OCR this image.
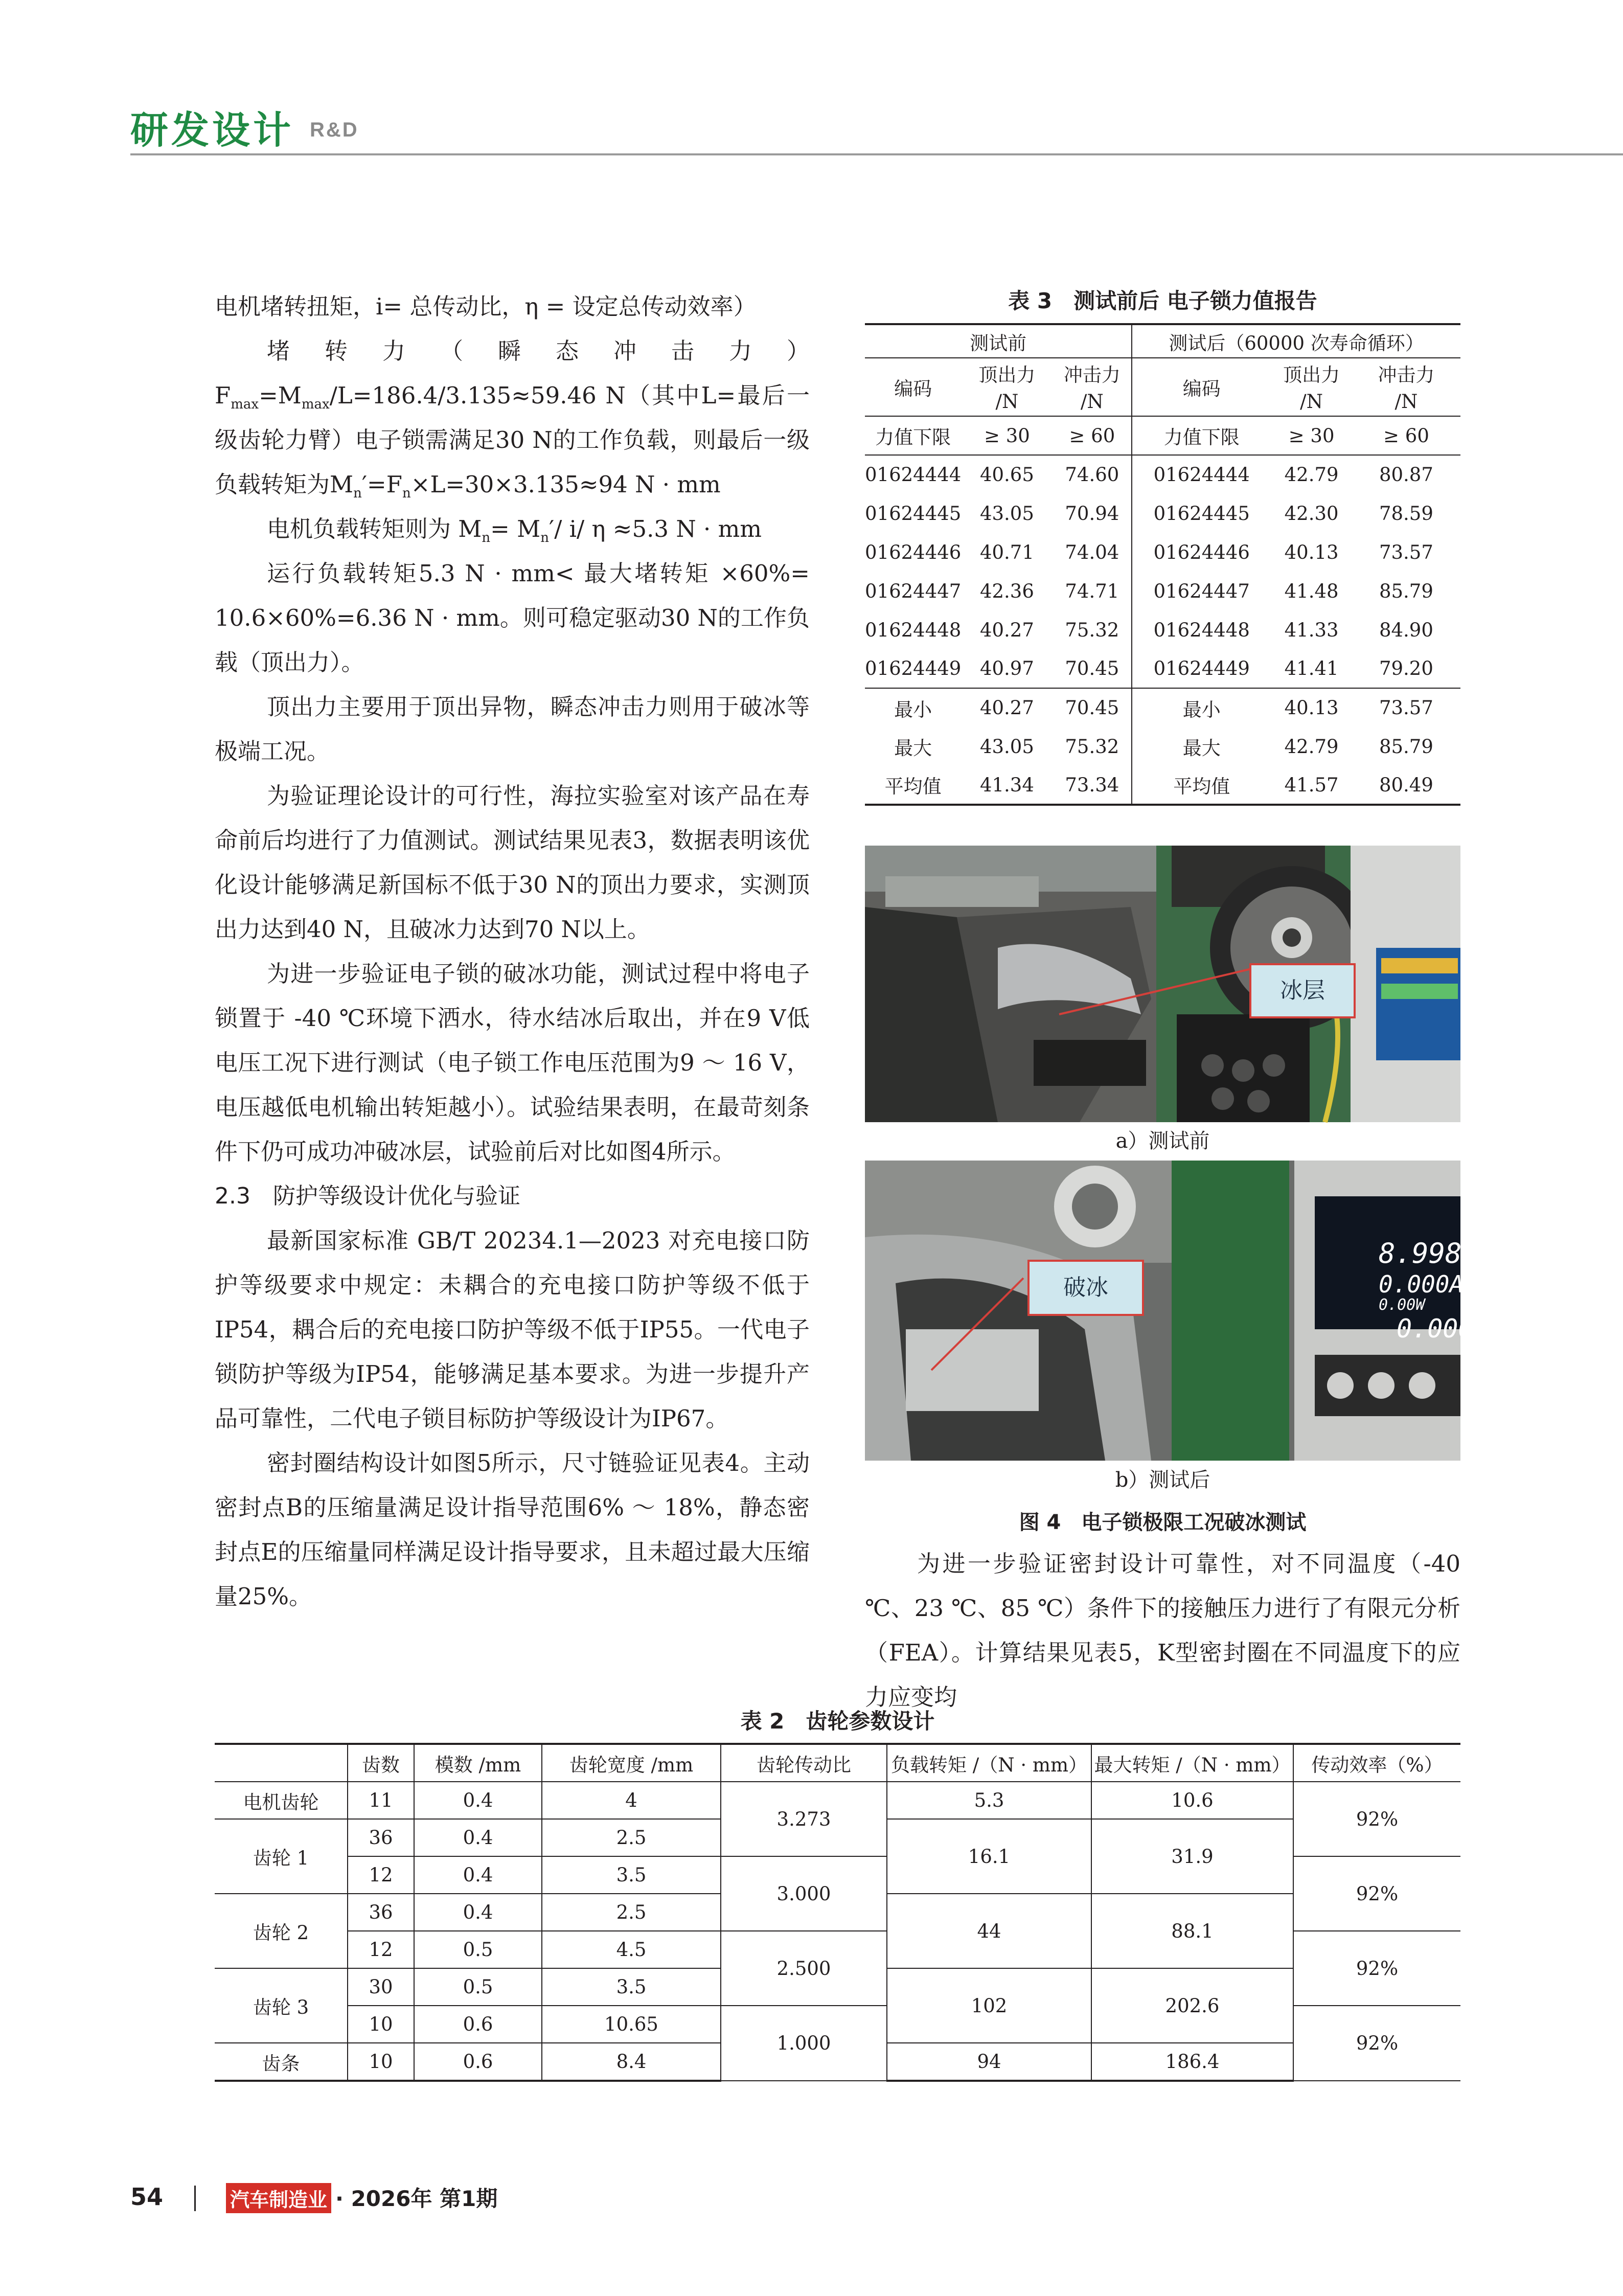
研发设计 R&D

电机堵转扭矩，i= 总传动比，η = 设定总传动效率）

堵转力（瞬态冲击力）$F_{max}=M_{max}/L=186.4/3.135\approx 59.46$ N（其中L=最后一级齿轮力臂）电子锁需满足30 N的工作负载，则最后一级负载转矩为$M_n'=F_n\times L=30\times 3.135\approx 94$ N · mm

电机负载转矩则为 $M_n= M_n'/$ i/ η ≈5.3 N · mm

运行负载转矩5.3 N · mm< 最大堵转矩 ×60%= 10.6×60%=6.36 N · mm。则可稳定驱动30 N的工作负载（顶出力）。

顶出力主要用于顶出异物，瞬态冲击力则用于破冰等极端工况。

为验证理论设计的可行性，海拉实验室对该产品在寿命前后均进行了力值测试。测试结果见表3，数据表明该优化设计能够满足新国标不低于30 N的顶出力要求，实测顶出力达到40 N，且破冰力达到70 N以上。

为进一步验证电子锁的破冰功能，测试过程中将电子锁置于 -40 ℃环境下洒水，待水结冰后取出，并在9 V低电压工况下进行测试（电子锁工作电压范围为9 ～ 16 V，电压越低电机输出转矩越小）。试验结果表明，在最苛刻条件下仍可成功冲破冰层，试验前后对比如图4所示。

2.3　防护等级设计优化与验证

最新国家标准 GB/T 20234.1—2023 对充电接口防护等级要求中规定：未耦合的充电接口防护等级不低于IP54，耦合后的充电接口防护等级不低于IP55。一代电子锁防护等级为IP54，能够满足基本要求。为进一步提升产品可靠性，二代电子锁目标防护等级设计为IP67。

密封圈结构设计如图5所示，尺寸链验证见表4。主动密封点B的压缩量满足设计指导范围6% ～ 18%，静态密封点E的压缩量同样满足设计指导要求，且未超过最大压缩量25%。

表 3　测试前后 电子锁力值报告
测试前			测试后（60000 次寿命循环）		
编码	顶出力	冲击力	编码	顶出力	冲击力
	/N	/N		/N	/N
力值下限	≥ 30	≥ 60	力值下限	≥ 30	≥ 60
01624444	40.65	74.60	01624444	42.79	80.87
01624445	43.05	70.94	01624445	42.30	78.59
01624446	40.71	74.04	01624446	40.13	73.57
01624447	42.36	74.71	01624447	41.48	85.79
01624448	40.27	75.32	01624448	41.33	84.90
01624449	40.97	70.45	01624449	41.41	79.20
最小	40.27	70.45	最小	40.13	73.57
最大	43.05	75.32	最大	42.79	85.79
平均值	41.34	73.34	平均值	41.57	80.49
冰层
a）测试前
8.998V
0.000A
0.00W
0.000
破冰
b）测试后
图 4　电子锁极限工况破冰测试

为进一步验证密封设计可靠性，对不同温度（-40 ℃、23 ℃、85 ℃）条件下的接触压力进行了有限元分析（FEA）。计算结果见表5，K型密封圈在不同温度下的应力应变均

表 2　齿轮参数设计
	齿数	模数 /mm	齿轮宽度 /mm	齿轮传动比	负载转矩 /（N · mm）	最大转矩 /（N · mm）	传动效率（%）
电机齿轮	11	0.4	4	3.273	5.3	10.6	92%
齿轮 1	36	0.4	2.5		16.1	31.9	
	12	0.4	3.5	3.000			92%
齿轮 2	36	0.4	2.5		44	88.1	
	12	0.5	4.5	2.500			92%
齿轮 3	30	0.5	3.5		102	202.6	
	10	0.6	10.65	1.000			92%
齿条	10	0.6	8.4		94	186.4	
54	汽车制造业 · 2026年 第1期
